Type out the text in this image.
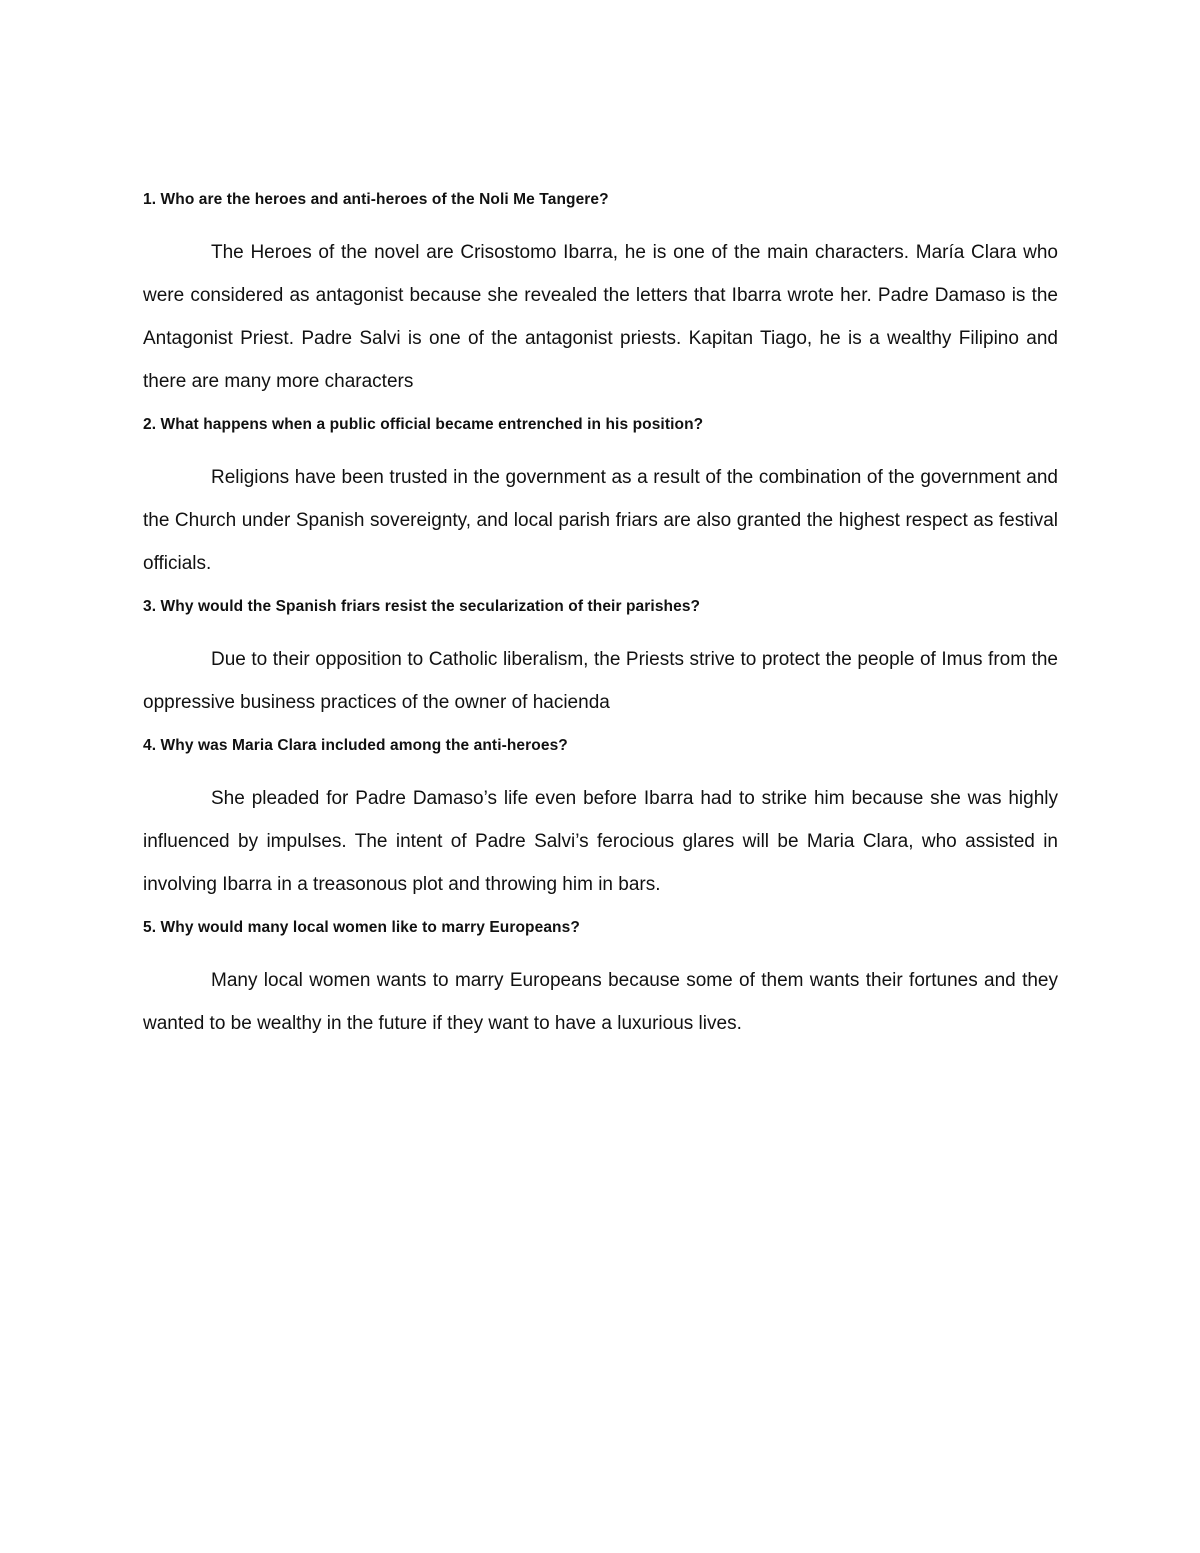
1. Who are the heroes and anti-heroes of the Noli Me Tangere?

The Heroes of the novel are Crisostomo Ibarra, he is one of the main characters. María Clara who were considered as antagonist because she revealed the letters that Ibarra wrote her. Padre Damaso is the Antagonist Priest. Padre Salvi is one of the antagonist priests. Kapitan Tiago, he is a wealthy Filipino and there are many more characters

2. What happens when a public official became entrenched in his position?

Religions have been trusted in the government as a result of the combination of the government and the Church under Spanish sovereignty, and local parish friars are also granted the highest respect as festival officials.

3. Why would the Spanish friars resist the secularization of their parishes?

Due to their opposition to Catholic liberalism, the Priests strive to protect the people of Imus from the oppressive business practices of the owner of hacienda

4. Why was Maria Clara included among the anti-heroes?

She pleaded for Padre Damaso’s life even before Ibarra had to strike him because she was highly influenced by impulses. The intent of Padre Salvi’s ferocious glares will be Maria Clara, who assisted in involving Ibarra in a treasonous plot and throwing him in bars.

5. Why would many local women like to marry Europeans?

Many local women wants to marry Europeans because some of them wants their fortunes and they wanted to be wealthy in the future if they want to have a luxurious lives.
